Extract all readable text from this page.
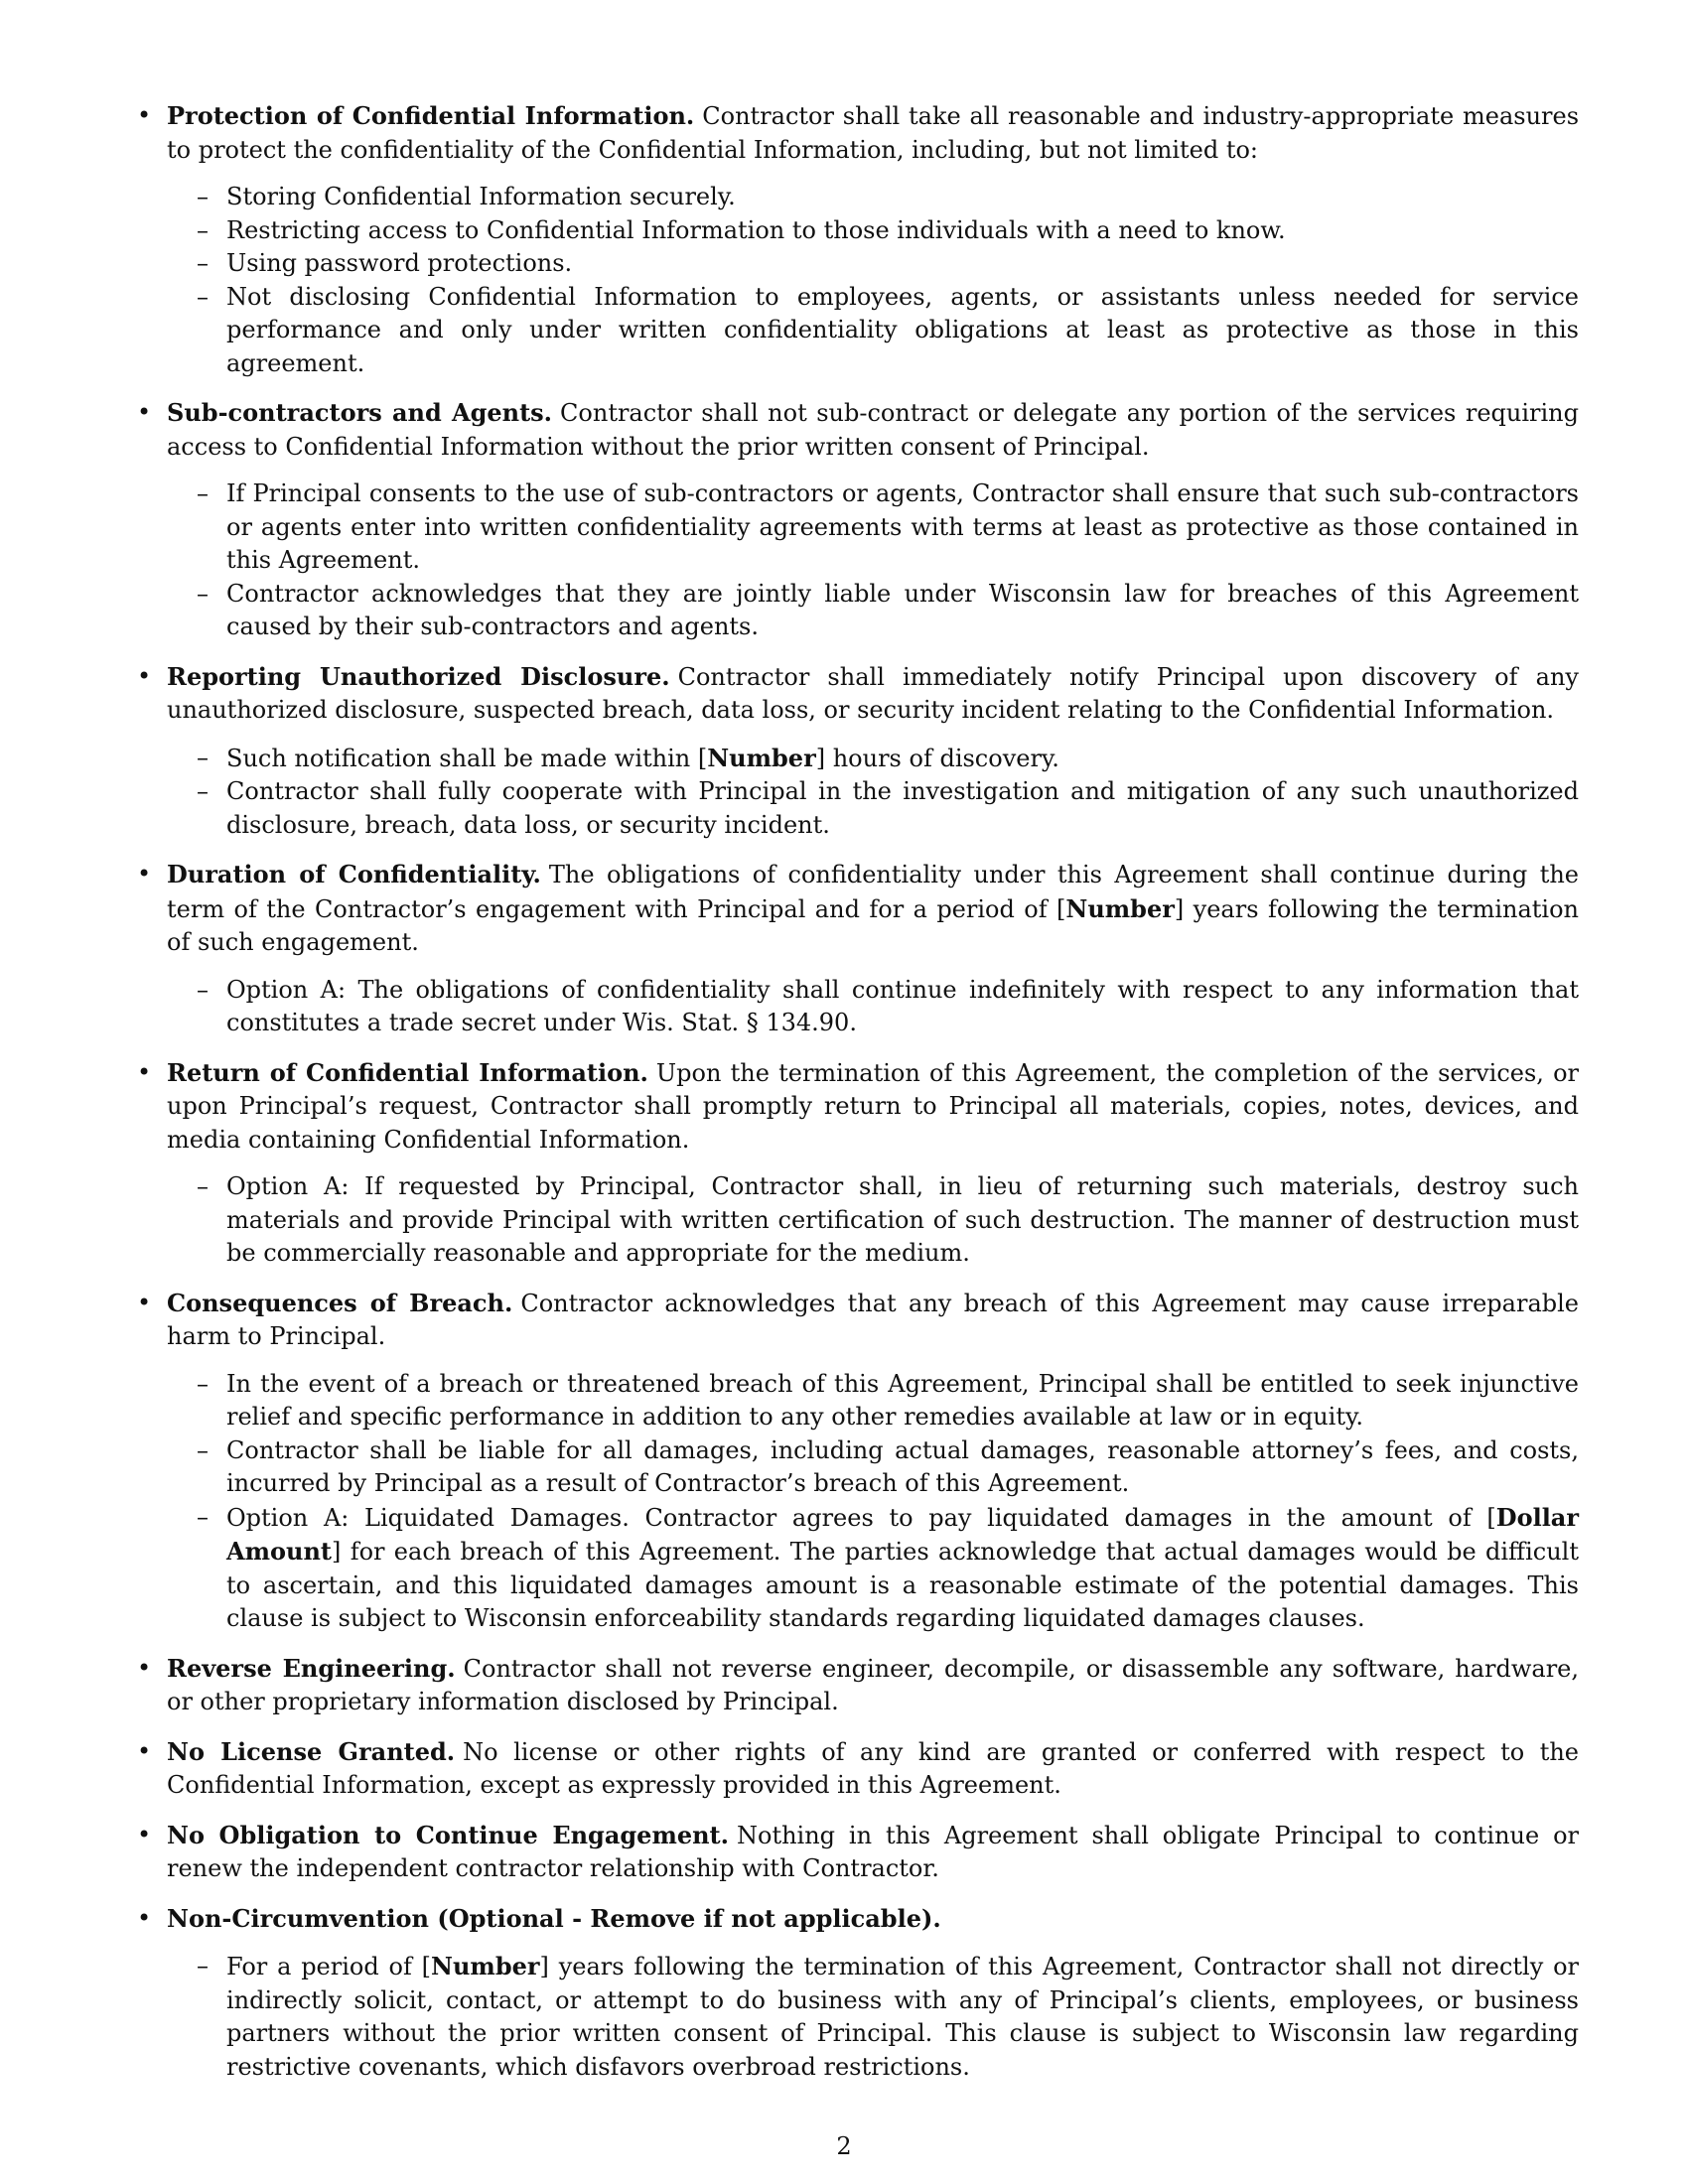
• Protection of Confidential Information. Contractor shall take all reasonable and industry-appropriate measures to protect the confidentiality of the Confidential Information, including, but not limited to:
– Storing Confidential Information securely.
– Restricting access to Confidential Information to those individuals with a need to know.
– Using password protections.
– Not disclosing Confidential Information to employees, agents, or assistants unless needed for service performance and only under written confidentiality obligations at least as protective as those in this agreement.
• Sub-contractors and Agents. Contractor shall not sub-contract or delegate any portion of the services requiring access to Confidential Information without the prior written consent of Principal.
– If Principal consents to the use of sub-contractors or agents, Contractor shall ensure that such sub-contractors or agents enter into written confidentiality agreements with terms at least as protective as those contained in this Agreement.
– Contractor acknowledges that they are jointly liable under Wisconsin law for breaches of this Agreement caused by their sub-contractors and agents.
• Reporting Unauthorized Disclosure. Contractor shall immediately notify Principal upon discovery of any unauthorized disclosure, suspected breach, data loss, or security incident relating to the Confidential Information.
– Such notification shall be made within [Number] hours of discovery.
– Contractor shall fully cooperate with Principal in the investigation and mitigation of any such unauthorized disclosure, breach, data loss, or security incident.
• Duration of Confidentiality. The obligations of confidentiality under this Agreement shall continue during the term of the Contractor’s engagement with Principal and for a period of [Number] years following the termination of such engagement.
– Option A: The obligations of confidentiality shall continue indefinitely with respect to any information that constitutes a trade secret under Wis. Stat. § 134.90.
• Return of Confidential Information. Upon the termination of this Agreement, the completion of the services, or upon Principal’s request, Contractor shall promptly return to Principal all materials, copies, notes, devices, and media containing Confidential Information.
– Option A: If requested by Principal, Contractor shall, in lieu of returning such materials, destroy such materials and provide Principal with written certification of such destruction. The manner of destruction must be commercially reasonable and appropriate for the medium.
• Consequences of Breach. Contractor acknowledges that any breach of this Agreement may cause irreparable harm to Principal.
– In the event of a breach or threatened breach of this Agreement, Principal shall be entitled to seek injunctive relief and specific performance in addition to any other remedies available at law or in equity.
– Contractor shall be liable for all damages, including actual damages, reasonable attorney’s fees, and costs, incurred by Principal as a result of Contractor’s breach of this Agreement.
– Option A: Liquidated Damages. Contractor agrees to pay liquidated damages in the amount of [Dollar Amount] for each breach of this Agreement. The parties acknowledge that actual damages would be difficult to ascertain, and this liquidated damages amount is a reasonable estimate of the potential damages. This clause is subject to Wisconsin enforceability standards regarding liquidated damages clauses.
• Reverse Engineering. Contractor shall not reverse engineer, decompile, or disassemble any software, hardware, or other proprietary information disclosed by Principal.
• No License Granted. No license or other rights of any kind are granted or conferred with respect to the Confidential Information, except as expressly provided in this Agreement.
• No Obligation to Continue Engagement. Nothing in this Agreement shall obligate Principal to continue or renew the independent contractor relationship with Contractor.
• Non-Circumvention (Optional - Remove if not applicable).
– For a period of [Number] years following the termination of this Agreement, Contractor shall not directly or indirectly solicit, contact, or attempt to do business with any of Principal’s clients, employees, or business partners without the prior written consent of Principal. This clause is subject to Wisconsin law regarding restrictive covenants, which disfavors overbroad restrictions.
2
